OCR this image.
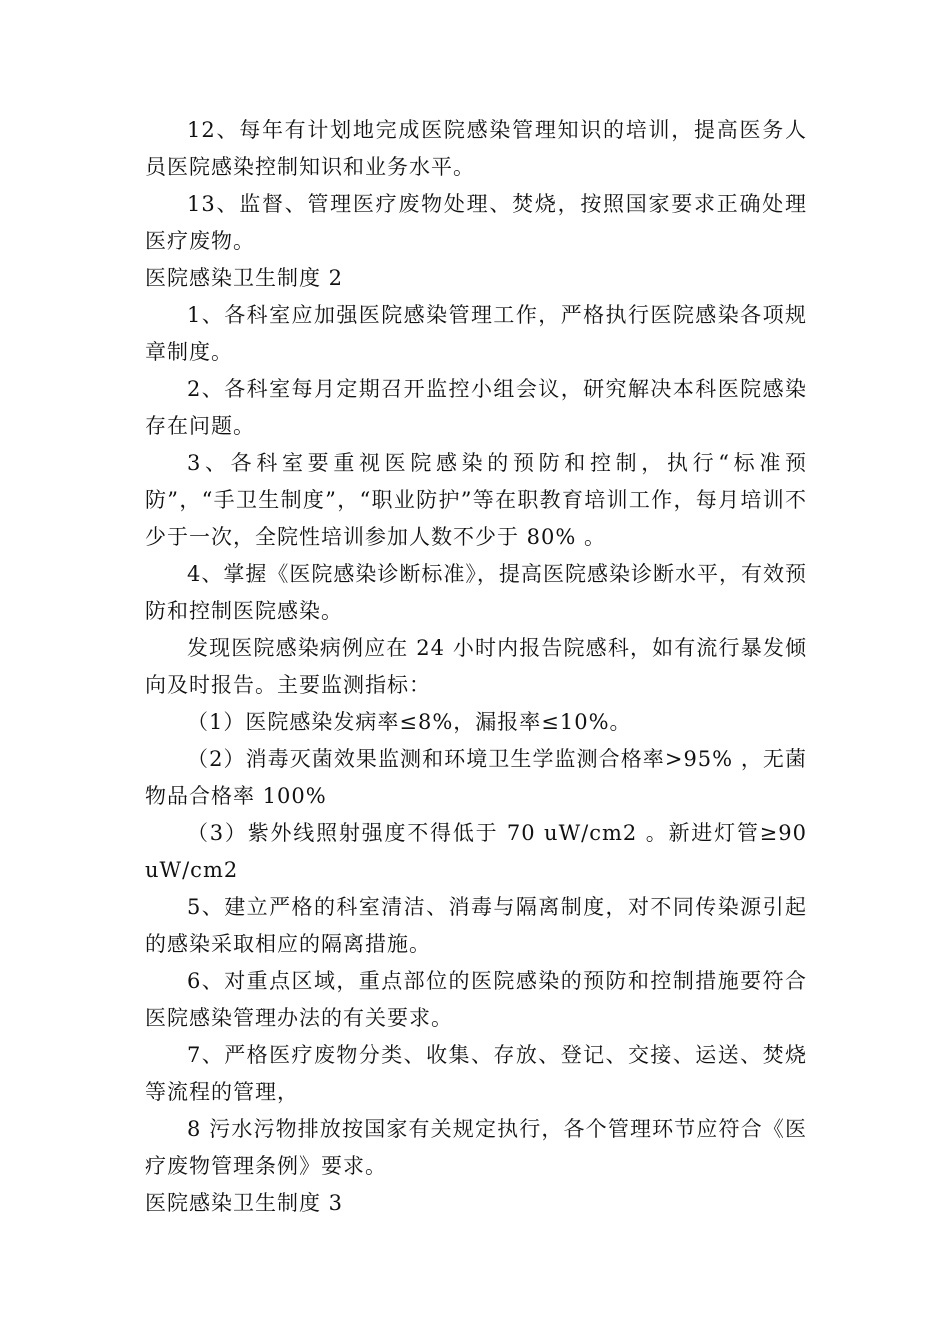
12、每年有计划地完成医院感染管理知识的培训，提高医务人员医院感染控制知识和业务水平。

13、监督、管理医疗废物处理、焚烧，按照国家要求正确处理医疗废物。

医院感染卫生制度 2

1、各科室应加强医院感染管理工作，严格执行医院感染各项规章制度。

2、各科室每月定期召开监控小组会议，研究解决本科医院感染存在问题。

3、各科室要重视医院感染的预防和控制，执行“标准预防”，“手卫生制度”，“职业防护”等在职教育培训工作，每月培训不少于一次，全院性培训参加人数不少于 80% 。

4、掌握《医院感染诊断标准》，提高医院感染诊断水平，有效预防和控制医院感染。

发现医院感染病例应在 24 小时内报告院感科，如有流行暴发倾向及时报告。主要监测指标：

（1）医院感染发病率≤8%，漏报率≤10%。

（2）消毒灭菌效果监测和环境卫生学监测合格率>95% ，无菌物品合格率 100%

（3）紫外线照射强度不得低于 70 uW/cm2 。新进灯管≥90 uW/cm2

5、建立严格的科室清洁、消毒与隔离制度，对不同传染源引起的感染采取相应的隔离措施。

6、对重点区域，重点部位的医院感染的预防和控制措施要符合医院感染管理办法的有关要求。

7、严格医疗废物分类、收集、存放、登记、交接、运送、焚烧等流程的管理，

8 污水污物排放按国家有关规定执行，各个管理环节应符合《医疗废物管理条例》要求。

医院感染卫生制度 3
